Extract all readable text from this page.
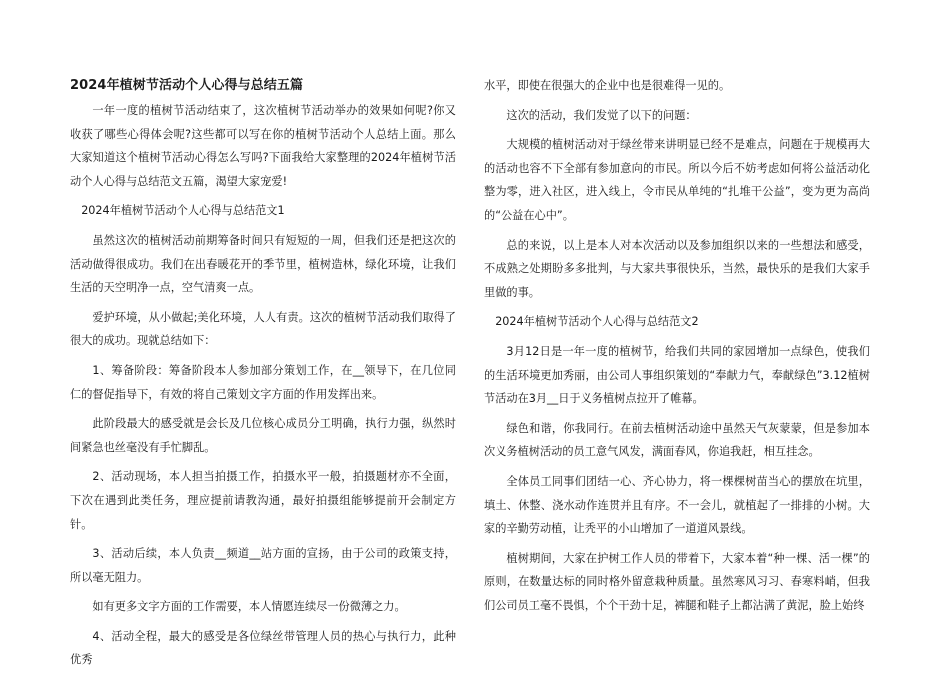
2024年植树节活动个人心得与总结五篇

一年一度的植树节活动结束了，这次植树节活动举办的效果如何呢?你又收获了哪些心得体会呢?这些都可以写在你的植树节活动个人总结上面。那么大家知道这个植树节活动心得怎么写吗?下面我给大家整理的2024年植树节活动个人心得与总结范文五篇，渴望大家宠爱!

2024年植树节活动个人心得与总结范文1

虽然这次的植树活动前期筹备时间只有短短的一周，但我们还是把这次的活动做得很成功。我们在出春暖花开的季节里，植树造林，绿化环境，让我们生活的天空明净一点，空气清爽一点。

爱护环境，从小做起;美化环境，人人有责。这次的植树节活动我们取得了很大的成功。现就总结如下：

1、筹备阶段：筹备阶段本人参加部分策划工作，在__领导下，在几位同仁的督促指导下，有效的将自己策划文字方面的作用发挥出来。

此阶段最大的感受就是会长及几位核心成员分工明确，执行力强，纵然时间紧急也丝毫没有手忙脚乱。

2、活动现场，本人担当拍摄工作，拍摄水平一般，拍摄题材亦不全面，下次在遇到此类任务，理应提前请教沟通，最好拍摄组能够提前开会制定方针。

3、活动后续，本人负责__频道__站方面的宣扬，由于公司的政策支持，所以毫无阻力。

如有更多文字方面的工作需要，本人情愿连续尽一份微薄之力。

4、活动全程，最大的感受是各位绿丝带管理人员的热心与执行力，此种优秀

水平，即使在很强大的企业中也是很难得一见的。

这次的活动，我们发觉了以下的问题：

大规模的植树活动对于绿丝带来讲明显已经不是难点，问题在于规模再大的活动也容不下全部有参加意向的市民。所以今后不妨考虑如何将公益活动化整为零，进入社区，进入线上，令市民从单纯的“扎堆干公益”，变为更为高尚的“公益在心中”。

总的来说，以上是本人对本次活动以及参加组织以来的一些想法和感受，不成熟之处期盼多多批判，与大家共事很快乐，当然，最快乐的是我们大家手里做的事。

2024年植树节活动个人心得与总结范文2

3月12日是一年一度的植树节，给我们共同的家园增加一点绿色，使我们的生活环境更加秀丽，由公司人事组织策划的“奉献力气，奉献绿色”3.12植树节活动在3月__日于义务植树点拉开了帷幕。

绿色和谐，你我同行。在前去植树活动途中虽然天气灰蒙蒙，但是参加本次义务植树活动的员工意气风发，满面春风，你追我赶，相互挂念。

全体员工同事们团结一心、齐心协力，将一棵棵树苗当心的摆放在坑里，填土、休整、浇水动作连贯并且有序。不一会儿，就植起了一排排的小树。大家的辛勤劳动植，让秃平的小山增加了一道道风景线。

植树期间，大家在护树工作人员的带着下，大家本着“种一棵、活一棵”的原则，在数量达标的同时格外留意栽种质量。虽然寒风习习、春寒料峭，但我们公司员工毫不畏惧，个个干劲十足，裤腿和鞋子上都沾满了黄泥，脸上始终
